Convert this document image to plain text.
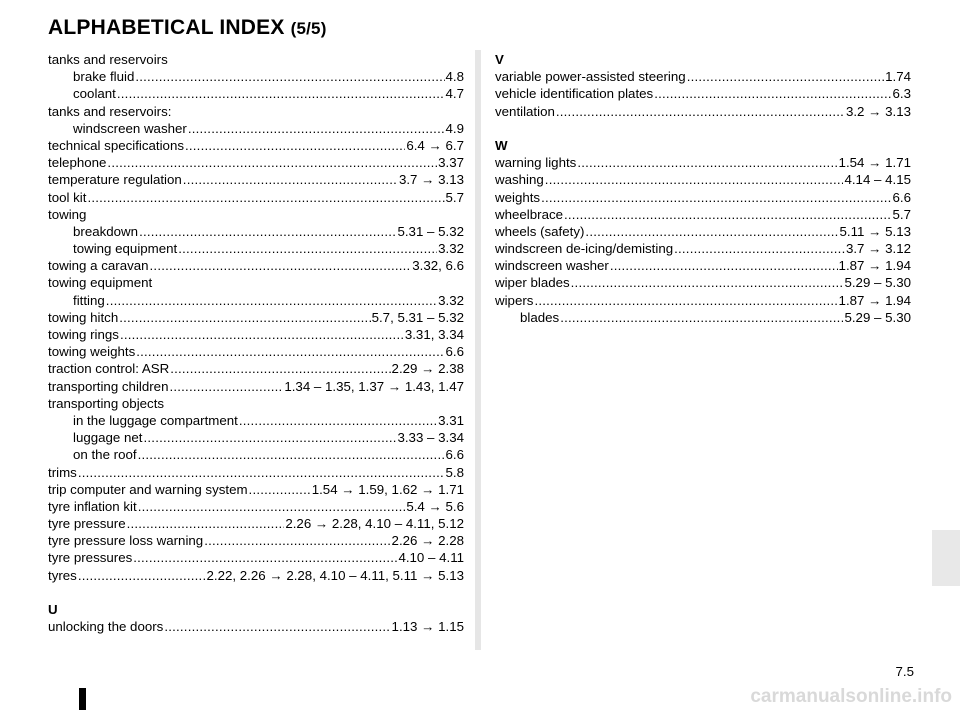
ALPHABETICAL INDEX (5/5)
tanks and reservoirs
brake fluid .....	4.8
coolant .....	4.7
tanks and reservoirs:
windscreen washer .....	4.9
technical specifications .....	6.4 → 6.7
telephone .....	3.37
temperature regulation .....	3.7 → 3.13
tool kit .....	5.7
towing
breakdown .....	5.31 – 5.32
towing equipment .....	3.32
towing a caravan .....	3.32, 6.6
towing equipment
fitting .....	3.32
towing hitch .....	5.7, 5.31 – 5.32
towing rings .....	3.31, 3.34
towing weights .....	6.6
traction control: ASR .....	2.29 → 2.38
transporting children .....	1.34 – 1.35, 1.37 → 1.43, 1.47
transporting objects
in the luggage compartment .....	3.31
luggage net .....	3.33 – 3.34
on the roof .....	6.6
trims .....	5.8
trip computer and warning system .....	1.54 → 1.59, 1.62 → 1.71
tyre inflation kit .....	5.4 → 5.6
tyre pressure .....	2.26 → 2.28, 4.10 – 4.11, 5.12
tyre pressure loss warning .....	2.26 → 2.28
tyre pressures .....	4.10 – 4.11
tyres .....	2.22, 2.26 → 2.28, 4.10 – 4.11, 5.11 → 5.13
U
unlocking the doors .....	1.13 → 1.15
V
variable power-assisted steering .....	1.74
vehicle identification plates .....	6.3
ventilation .....	3.2 → 3.13
W
warning lights .....	1.54 → 1.71
washing .....	4.14 – 4.15
weights .....	6.6
wheelbrace .....	5.7
wheels (safety) .....	5.11 → 5.13
windscreen de-icing/demisting .....	3.7 → 3.12
windscreen washer .....	1.87 → 1.94
wiper blades .....	5.29 – 5.30
wipers .....	1.87 → 1.94
blades .....	5.29 – 5.30
7.5
carmanualsonline.info
